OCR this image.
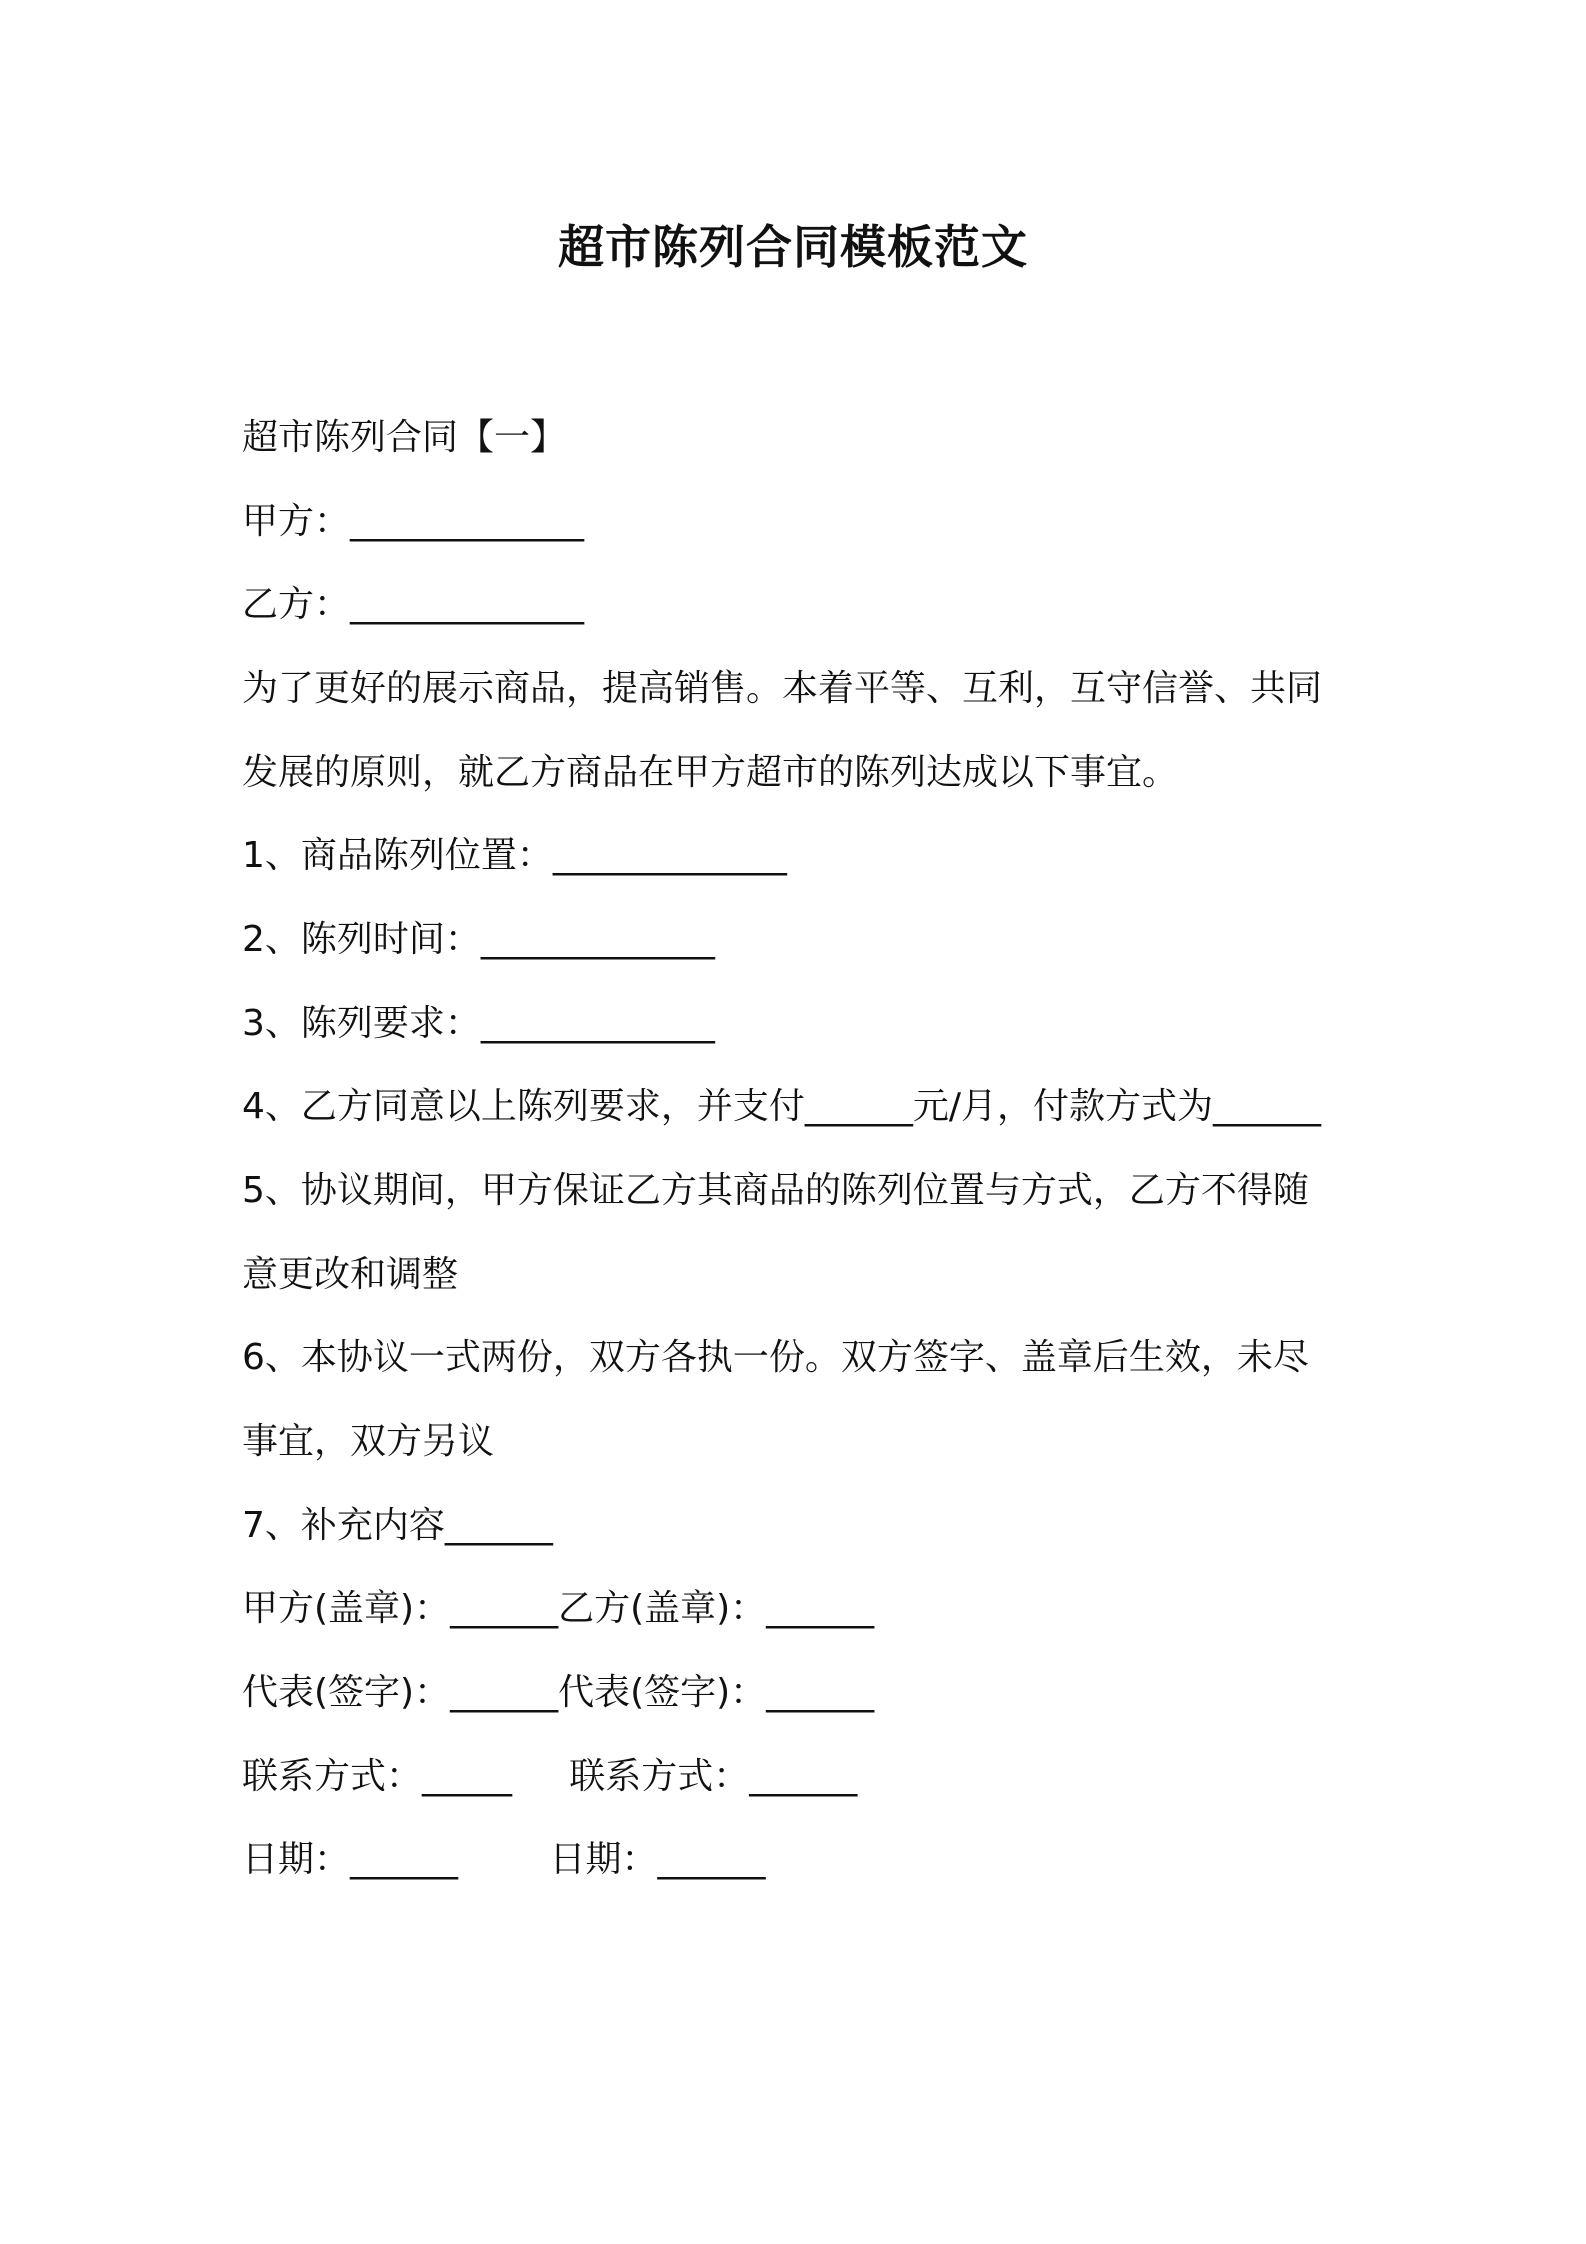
超市陈列合同模板范文
超市陈列合同【一】
甲方：_____________
乙方：_____________
为了更好的展示商品，提高销售。本着平等、互利，互守信誉、共同
发展的原则，就乙方商品在甲方超市的陈列达成以下事宜。
1、商品陈列位置：_____________
2、陈列时间：_____________
3、陈列要求：_____________
4、乙方同意以上陈列要求，并支付______元/月，付款方式为______
5、协议期间，甲方保证乙方其商品的陈列位置与方式，乙方不得随
意更改和调整
6、本协议一式两份，双方各执一份。双方签字、盖章后生效，未尽
事宜，双方另议
7、补充内容______
甲方(盖章)：______乙方(盖章)：______
代表(签字)：______代表(签字)：______
联系方式：_____     联系方式：______
日期：______        日期：______
